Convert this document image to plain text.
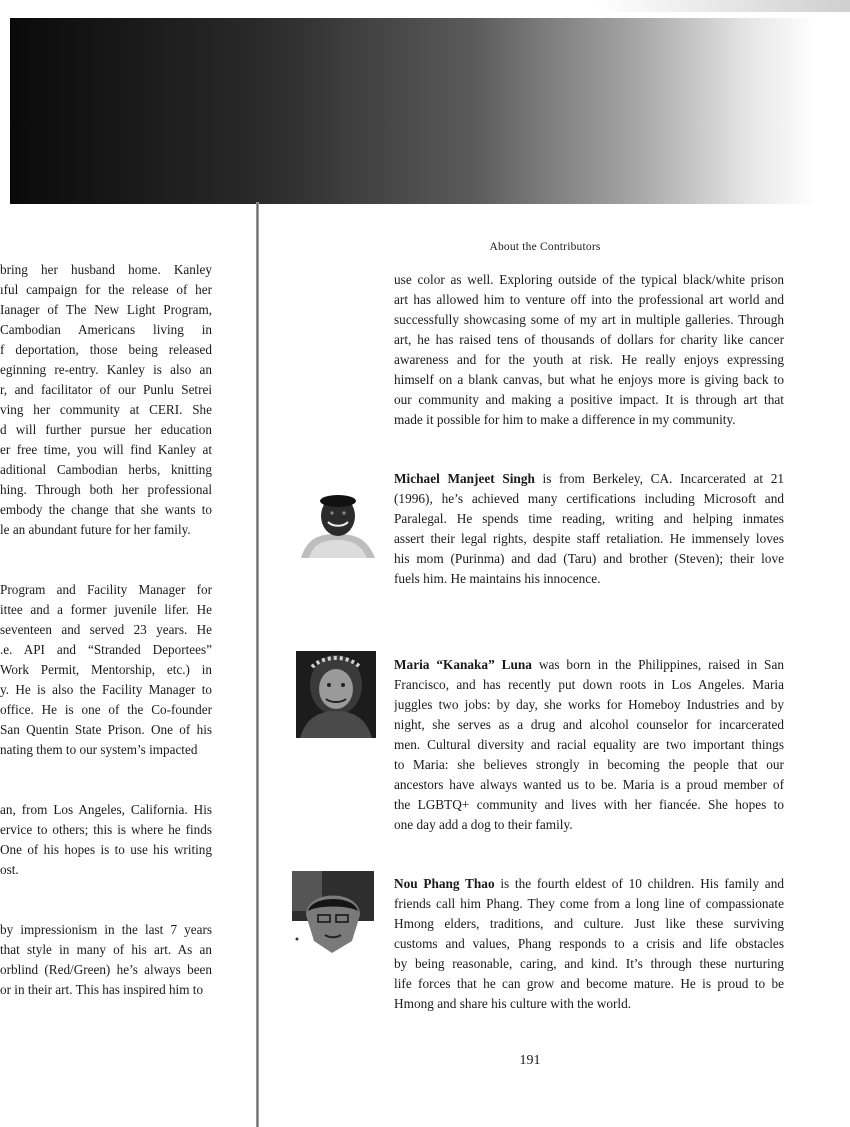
bring her husband home. Kanley
ıful campaign for the release of her
Ianager of The New Light Program,
Cambodian Americans living in
f deportation, those being released
eginning re-entry. Kanley is also an
r, and facilitator of our Punlu Setrei
ving her community at CERI. She
d will further pursue her education
er free time, you will find Kanley at
aditional Cambodian herbs, knitting
hing. Through both her professional
embody the change that she wants to
le an abundant future for her family.
Program and Facility Manager for
ittee and a former juvenile lifer. He
seventeen and served 23 years. He
.e. API and “Stranded Deportees”
Work Permit, Mentorship, etc.) in
y. He is also the Facility Manager to
office. He is one of the Co-founder
San Quentin State Prison. One of his
nating them to our system’s impacted
an, from Los Angeles, California. His
ervice to others; this is where he finds
One of his hopes is to use his writing
ost.
by impressionism in the last 7 years
that style in many of his art. As an
orblind (Red/Green) he’s always been
or in their art. This has inspired him to
About the Contributors
use color as well. Exploring outside of the typical black/white prison
art has allowed him to venture off into the professional art world and
successfully showcasing some of my art in multiple galleries. Through
art, he has raised tens of thousands of dollars for charity like cancer
awareness and for the youth at risk. He really enjoys expressing
himself on a blank canvas, but what he enjoys more is giving back to
our community and making a positive impact. It is through art that
made it possible for him to make a difference in my community.
Michael Manjeet Singh is from Berkeley, CA. Incarcerated at 21
(1996), he’s achieved many certifications including Microsoft and
Paralegal. He spends time reading, writing and helping inmates
assert their legal rights, despite staff retaliation. He immensely loves
his mom (Purinma) and dad (Taru) and brother (Steven); their love
fuels him. He maintains his innocence.
Maria “Kanaka” Luna was born in the Philippines, raised in San
Francisco, and has recently put down roots in Los Angeles. Maria
juggles two jobs: by day, she works for Homeboy Industries and by
night, she serves as a drug and alcohol counselor for incarcerated
men. Cultural diversity and racial equality are two important things
to Maria: she believes strongly in becoming the people that our
ancestors have always wanted us to be. Maria is a proud member of
the LGBTQ+ community and lives with her fiancée. She hopes to
one day add a dog to their family.
Nou Phang Thao is the fourth eldest of 10 children. His family and
friends call him Phang. They come from a long line of compassionate
Hmong elders, traditions, and culture. Just like these surviving
customs and values, Phang responds to a crisis and life obstacles
by being reasonable, caring, and kind. It’s through these nurturing
life forces that he can grow and become mature. He is proud to be
Hmong and share his culture with the world.
191
